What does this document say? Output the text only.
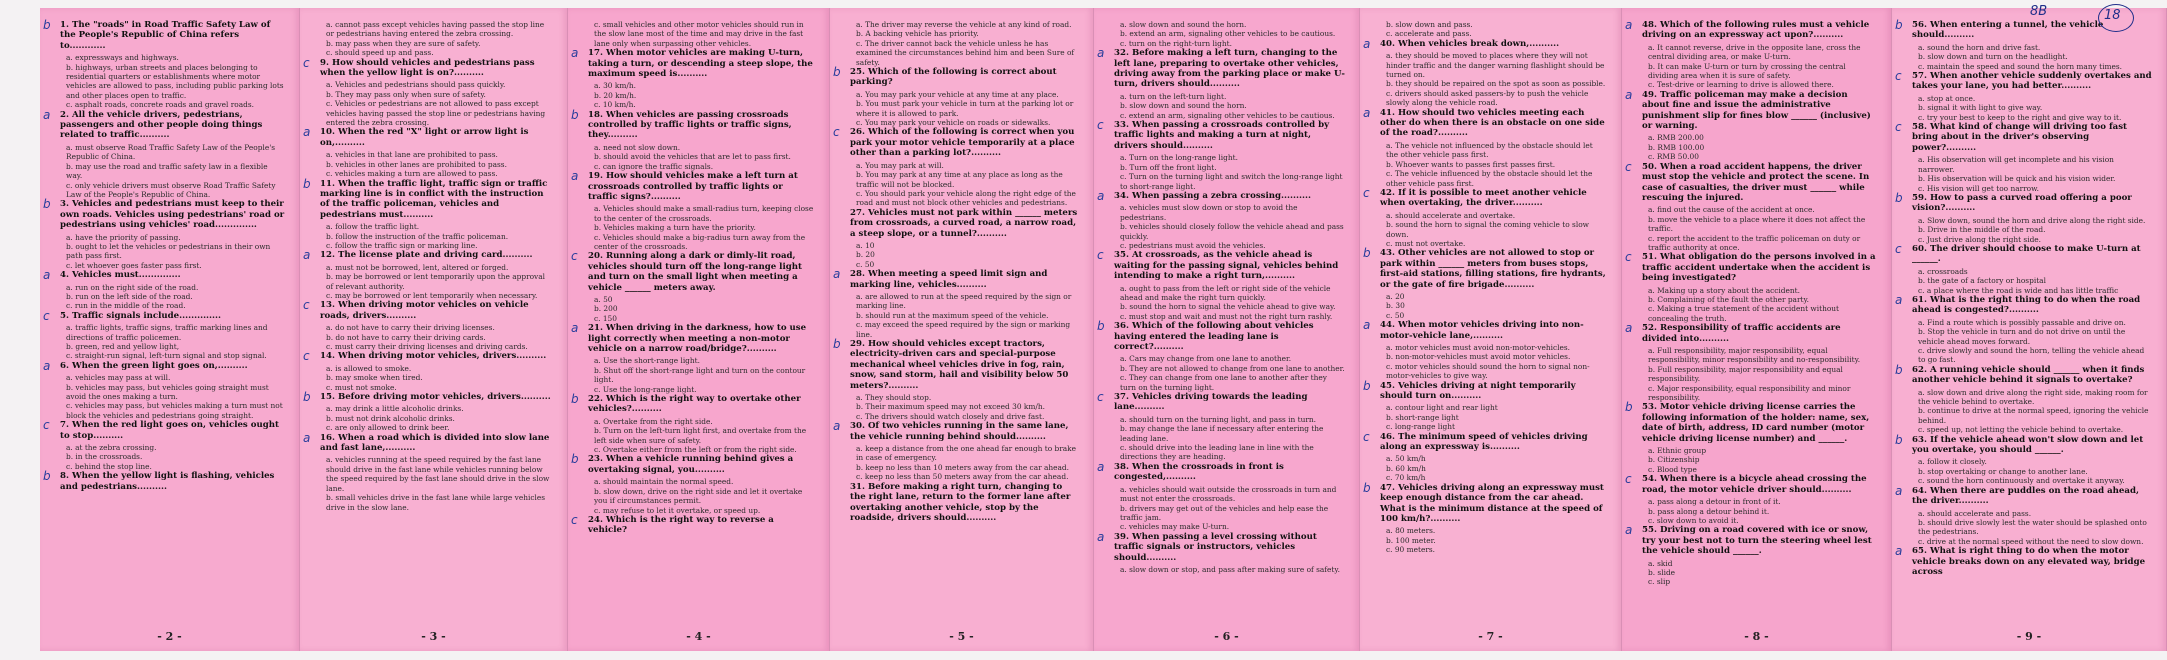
b 1. The "roads" in Road Traffic Safety Law of the People's Republic of China refers to............
a. expressways and highways.
b. highways, urban streets and places belonging to residential quarters or establishments where motor vehicles are allowed to pass, including public parking lots and other places open to traffic.
c. asphalt roads, concrete roads and gravel roads.
a 2. All the vehicle drivers, pedestrians, passengers and other people doing things related to traffic..........
a. must observe Road Traffic Safety Law of the People's Republic of China.
b. may use the road and traffic safety law in a flexible way.
c. only vehicle drivers must observe Road Traffic Safety Law of the People's Republic of China.
b 3. Vehicles and pedestrians must keep to their own roads. Vehicles using pedestrians' road or pedestrians using vehicles' road..............
a. have the priority of passing.
b. ought to let the vehicles or pedestrians in their own path pass first.
c. let whoever goes faster pass first.
a 4. Vehicles must..............
a. run on the right side of the road.
b. run on the left side of the road.
c. run in the middle of the road.
c 5. Traffic signals include..............
a. traffic lights, traffic signs, traffic marking lines and directions of traffic policemen.
b. green, red and yellow light,
c. straight-run signal, left-turn signal and stop signal.
a 6. When the green light goes on,..........
a. vehicles may pass at will.
b. vehicles may pass, but vehicles going straight must avoid the ones making a turn.
c. vehicles may pass, but vehicles making a turn must not block the vehicles and pedestrians going straight.
c 7. When the red light goes on, vehicles ought to stop..........
a. at the zebra crossing.
b. in the crossroads.
c. behind the stop line.
b 8. When the yellow light is flashing, vehicles and pedestrians..........
- 2 -
a. cannot pass except vehicles having passed the stop line or pedestrians having entered the zebra crossing.
b. may pass when they are sure of safety.
c. should speed up and pass.
c 9. How should vehicles and pedestrians pass when the yellow light is on?..........
a. Vehicles and pedestrians should pass quickly.
b. They may pass only when sure of safety.
c. Vehicles or pedestrians are not allowed to pass except vehicles having passed the stop line or pedestrians having entered the zebra crossing.
a 10. When the red "X" light or arrow light is on,..........
a. vehicles in that lane are prohibited to pass.
b. vehicles in other lanes are prohibited to pass.
c. vehicles making a turn are allowed to pass.
b 11. When the traffic light, traffic sign or traffic marking line is in conflict with the instruction of the traffic policeman, vehicles and pedestrians must..........
a. follow the traffic light.
b. follow the instruction of the traffic policeman.
c. follow the traffic sign or marking line.
a 12. The license plate and driving card..........
a. must not be borrowed, lent, altered or forged.
b. may be borrowed or lent temporarily upon the approval of relevant authority.
c. may be borrowed or lent temporarily when necessary.
c 13. When driving motor vehicles on vehicle roads, drivers..........
a. do not have to carry their driving licenses.
b. do not have to carry their driving cards.
c. must carry their driving licenses and driving cards.
c 14. When driving motor vehicles, drivers..........
a. is allowed to smoke.
b. may smoke when tired.
c. must not smoke.
b 15. Before driving motor vehicles, drivers..........
a. may drink a little alcoholic drinks.
b. must not drink alcoholic drinks.
c. are only allowed to drink beer.
a 16. When a road which is divided into slow lane and fast lane,..........
a. vehicles running at the speed required by the fast lane should drive in the fast lane while vehicles running below the speed required by the fast lane should drive in the slow lane.
b. small vehicles drive in the fast lane while large vehicles drive in the slow lane.
- 3 -
c. small vehicles and other motor vehicles should run in the slow lane most of the time and may drive in the fast lane only when surpassing other vehicles.
a 17. When motor vehicles are making U-turn, taking a turn, or descending a steep slope, the maximum speed is..........
a. 30 km/h.
b. 20 km/h.
c. 10 km/h.
b 18. When vehicles are passing crossroads controlled by traffic lights or traffic signs, they..........
a. need not slow down.
b. should avoid the vehicles that are let to pass first.
c. can ignore the traffic signals.
a 19. How should vehicles make a left turn at crossroads controlled by traffic lights or traffic signs?..........
a. Vehicles should make a small-radius turn, keeping close to the center of the crossroads.
b. Vehicles making a turn have the priority.
c. Vehicles should make a big-radius turn away from the center of the crossroads.
c 20. Running along a dark or dimly-lit road, vehicles should turn off the long-range light and turn on the small light when meeting a vehicle ______ meters away.
a. 50
b. 200
c. 150
a 21. When driving in the darkness, how to use light correctly when meeting a non-motor vehicle on a narrow road/bridge?..........
a. Use the short-range light.
b. Shut off the short-range light and turn on the contour light.
c. Use the long-range light.
b 22. Which is the right way to overtake other vehicles?..........
a. Overtake from the right side.
b. Turn on the left-turn light first, and overtake from the left side when sure of safety.
c. Overtake either from the left or from the right side.
b 23. When a vehicle running behind gives a overtaking signal, you..........
a. should maintain the normal speed.
b. slow down, drive on the right side and let it overtake you if circumstances permit.
c. may refuse to let it overtake, or speed up.
c 24. Which is the right way to reverse a vehicle?
- 4 -
a. The driver may reverse the vehicle at any kind of road.
b. A backing vehicle has priority.
c. The driver cannot back the vehicle unless he has examined the circumstances behind him and been Sure of safety.
b 25. Which of the following is correct about parking?
a. You may park your vehicle at any time at any place.
b. You must park your vehicle in turn at the parking lot or where it is allowed to park.
c. You may park your vehicle on roads or sidewalks.
c 26. Which of the following is correct when you park your motor vehicle temporarily at a place other than a parking lot?..........
a. You may park at will.
b. You may park at any time at any place as long as the traffic will not be blocked.
c. You should park your vehicle along the right edge of the road and must not block other vehicles and pedestrians.
27. Vehicles must not park within ______ meters from crossroads, a curved road, a narrow road, a steep slope, or a tunnel?..........
a. 10
b. 20
c. 50
a 28. When meeting a speed limit sign and marking line, vehicles..........
a. are allowed to run at the speed required by the sign or marking line.
b. should run at the maximum speed of the vehicle.
c. may exceed the speed required by the sign or marking line.
b 29. How should vehicles except tractors, electricity-driven cars and special-purpose mechanical wheel vehicles drive in fog, rain, snow, sand storm, hail and visibility below 50 meters?..........
a. They should stop.
b. Their maximum speed may not exceed 30 km/h.
c. The drivers should watch closely and drive fast.
a 30. Of two vehicles running in the same lane, the vehicle running behind should..........
a. keep a distance from the one ahead far enough to brake in case of emergency.
b. keep no less than 10 meters away from the car ahead.
c. keep no less than 50 meters away from the car ahead.
31. Before making a right turn, changing to the right lane, return to the former lane after overtaking another vehicle, stop by the roadside, drivers should..........
- 5 -
a. slow down and sound the horn.
b. extend an arm, signaling other vehicles to be cautious.
c. turn on the right-turn light.
a 32. Before making a left turn, changing to the left lane, preparing to overtake other vehicles, driving away from the parking place or make U-turn, drivers should..........
a. turn on the left-turn light.
b. slow down and sound the horn.
c. extend an arm, signaling other vehicles to be cautious.
c 33. When passing a crossroads controlled by traffic lights and making a turn at night, drivers should..........
a. Turn on the long-range light.
b. Turn off the front light.
c. Turn on the turning light and switch the long-range light to short-range light.
a 34. When passing a zebra crossing..........
a. vehicles must slow down or stop to avoid the pedestrians.
b. vehicles should closely follow the vehicle ahead and pass quickly.
c. pedestrians must avoid the vehicles.
c 35. At crossroads, as the vehicle ahead is waiting for the passing signal, vehicles behind intending to make a right turn,..........
a. ought to pass from the left or right side of the vehicle ahead and make the right turn quickly.
b. sound the horn to signal the vehicle ahead to give way.
c. must stop and wait and must not the right turn rashly.
b 36. Which of the following about vehicles having entered the leading lane is correct?..........
a. Cars may change from one lane to another.
b. They are not allowed to change from one lane to another.
c. They can change from one lane to another after they turn on the turning light.
c 37. Vehicles driving towards the leading lane..........
a. should turn on the turning light, and pass in turn.
b. may change the lane if necessary after entering the leading lane.
c. should drive into the leading lane in line with the directions they are heading.
a 38. When the crossroads in front is congested,..........
a. vehicles should wait outside the crossroads in turn and must not enter the crossroads.
b. drivers may get out of the vehicles and help ease the traffic jam.
c. vehicles may make U-turn.
a 39. When passing a level crossing without traffic signals or instructors, vehicles should..........
a. slow down or stop, and pass after making sure of safety.
- 6 -
b. slow down and pass.
c. accelerate and pass.
a 40. When vehicles break down,..........
a. they should be moved to places where they will not hinder traffic and the danger warning flashlight should be turned on.
b. they should be repaired on the spot as soon as possible.
c. drivers should asked passers-by to push the vehicle slowly along the vehicle road.
a 41. How should two vehicles meeting each other do when there is an obstacle on one side of the road?..........
a. The vehicle not influenced by the obstacle should let the other vehicle pass first.
b. Whoever wants to passes first passes first.
c. The vehicle influenced by the obstacle should let the other vehicle pass first.
c 42. If it is possible to meet another vehicle when overtaking, the driver..........
a. should accelerate and overtake.
b. sound the horn to signal the coming vehicle to slow down.
c. must not overtake.
b 43. Other vehicles are not allowed to stop or park within ______ meters from buses stops, first-aid stations, filling stations, fire hydrants, or the gate of fire brigade..........
a. 20
b. 30
c. 50
a 44. When motor vehicles driving into non-motor-vehicle lane,..........
a. motor vehicles must avoid non-motor-vehicles.
b. non-motor-vehicles must avoid motor vehicles.
c. motor vehicles should sound the horn to signal non-motor-vehicles to give way.
b 45. Vehicles driving at night temporarily should turn on..........
a. contour light and rear light
b. short-range light
c. long-range light
c 46. The minimum speed of vehicles driving along an expressway is..........
a. 50 km/h
b. 60 km/h
c. 70 km/h
b 47. Vehicles driving along an expressway must keep enough distance from the car ahead. What is the minimum distance at the speed of 100 km/h?..........
a. 80 meters.
b. 100 meter.
c. 90 meters.
- 7 -
a 48. Which of the following rules must a vehicle driving on an expressway act upon?..........
a. It cannot reverse, drive in the opposite lane, cross the central dividing area, or make U-turn.
b. It can make U-turn or turn by crossing the central dividing area when it is sure of safety.
c. Test-drive or learning to drive is allowed there.
a 49. Traffic policeman may make a decision about fine and issue the administrative punishment slip for fines blow ______ (inclusive) or warning.
a. RMB 200.00
b. RMB 100.00
c. RMB 50.00
c 50. When a road accident happens, the driver must stop the vehicle and protect the scene. In case of casualties, the driver must ______ while rescuing the injured.
a. find out the cause of the accident at once.
b. move the vehicle to a place where it does not affect the traffic.
c. report the accident to the traffic policeman on duty or traffic authority at once.
c 51. What obligation do the persons involved in a traffic accident undertake when the accident is being investigated?
a. Making up a story about the accident.
b. Complaining of the fault the other party.
c. Making a true statement of the accident without concealing the truth.
a 52. Responsibility of traffic accidents are divided into..........
a. Full responsibility, major responsibility, equal responsibility, minor responsibility and no-responsibility.
b. Full responsibility, major responsibility and equal responsibility.
c. Major responsibility, equal responsibility and minor responsibility.
b 53. Motor vehicle driving license carries the following information of the holder: name, sex, date of birth, address, ID card number (motor vehicle driving license number) and ______.
a. Ethnic group
b. Citizenship
c. Blood type
c 54. When there is a bicycle ahead crossing the road, the motor vehicle driver should..........
a. pass along a detour in front of it.
b. pass along a detour behind it.
c. slow down to avoid it.
a 55. Driving on a road covered with ice or snow, try your best not to turn the steering wheel lest the vehicle should ______.
a. skid
b. slide
c. slip
- 8 -
b 56. When entering a tunnel, the vehicle should..........
a. sound the horn and drive fast.
b. slow down and turn on the headlight.
c. maintain the speed and sound the horn many times.
c 57. When another vehicle suddenly overtakes and takes your lane, you had better..........
a. stop at once.
b. signal it with light to give way.
c. try your best to keep to the right and give way to it.
c 58. What kind of change will driving too fast bring about in the driver's observing power?..........
a. His observation will get incomplete and his vision narrower.
b. His observation will be quick and his vision wider.
c. His vision will get too narrow.
b 59. How to pass a curved road offering a poor vision?..........
a. Slow down, sound the horn and drive along the right side.
b. Drive in the middle of the road.
c. Just drive along the right side.
c 60. The driver should choose to make U-turn at ______.
a. crossroads
b. the gate of a factory or hospital
c. a place where the road is wide and has little traffic
a 61. What is the right thing to do when the road ahead is congested?..........
a. Find a route which is possibly passable and drive on.
b. Stop the vehicle in turn and do not drive on until the vehicle ahead moves forward.
c. drive slowly and sound the horn, telling the vehicle ahead to go fast.
b 62. A running vehicle should ______ when it finds another vehicle behind it signals to overtake?
a. slow down and drive along the right side, making room for the vehicle behind to overtake.
b. continue to drive at the normal speed, ignoring the vehicle behind.
c. speed up, not letting the vehicle behind to overtake.
b 63. If the vehicle ahead won't slow down and let you overtake, you should ______.
a. follow it closely.
b. stop overtaking or change to another lane.
c. sound the horn continuously and overtake it anyway.
a 64. When there are puddles on the road ahead, the driver..........
a. should accelerate and pass.
b. should drive slowly lest the water should be splashed onto the pedestrians.
c. drive at the normal speed without the need to slow down.
a 65. What is right thing to do when the motor vehicle breaks down on any elevated way, bridge across
- 9 -
8B	18
